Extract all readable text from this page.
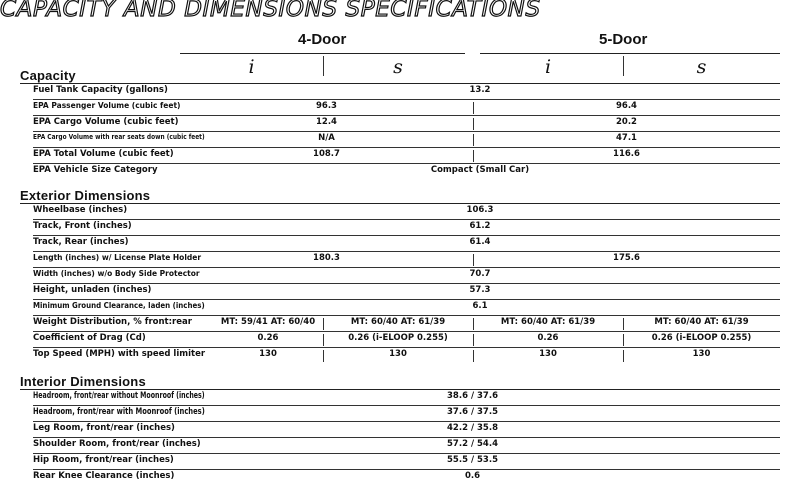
CAPACITY AND DIMENSIONS SPECIFICATIONS
4-Door	5-Door
i	s	i	s
Capacity
Fuel Tank Capacity (gallons)	13.2
EPA Passenger Volume (cubic feet)	96.3	96.4
EPA Cargo Volume (cubic feet)	12.4	20.2
EPA Cargo Volume with rear seats down (cubic feet)	N/A	47.1
EPA Total Volume (cubic feet)	108.7	116.6
EPA Vehicle Size Category	Compact (Small Car)
Exterior Dimensions
Wheelbase (inches)	106.3
Track, Front (inches)	61.2
Track, Rear (inches)	61.4
Length (inches) w/ License Plate Holder	180.3	175.6
Width (inches) w/o Body Side Protector	70.7
Height, unladen (inches)	57.3
Minimum Ground Clearance, laden (inches)	6.1
Weight Distribution, % front:rear	MT: 59/41 AT: 60/40	MT: 60/40 AT: 61/39	MT: 60/40 AT: 61/39	MT: 60/40 AT: 61/39
Coefficient of Drag (Cd)	0.26	0.26 (i-ELOOP 0.255)	0.26	0.26 (i-ELOOP 0.255)
Top Speed (MPH) with speed limiter	130	130	130	130
Interior Dimensions
Headroom, front/rear without Moonroof (inches)	38.6 / 37.6
Headroom, front/rear with Moonroof (inches)	37.6 / 37.5
Leg Room, front/rear (inches)	42.2 / 35.8
Shoulder Room, front/rear (inches)	57.2 / 54.4
Hip Room, front/rear (inches)	55.5 / 53.5
Rear Knee Clearance (inches)	0.6
